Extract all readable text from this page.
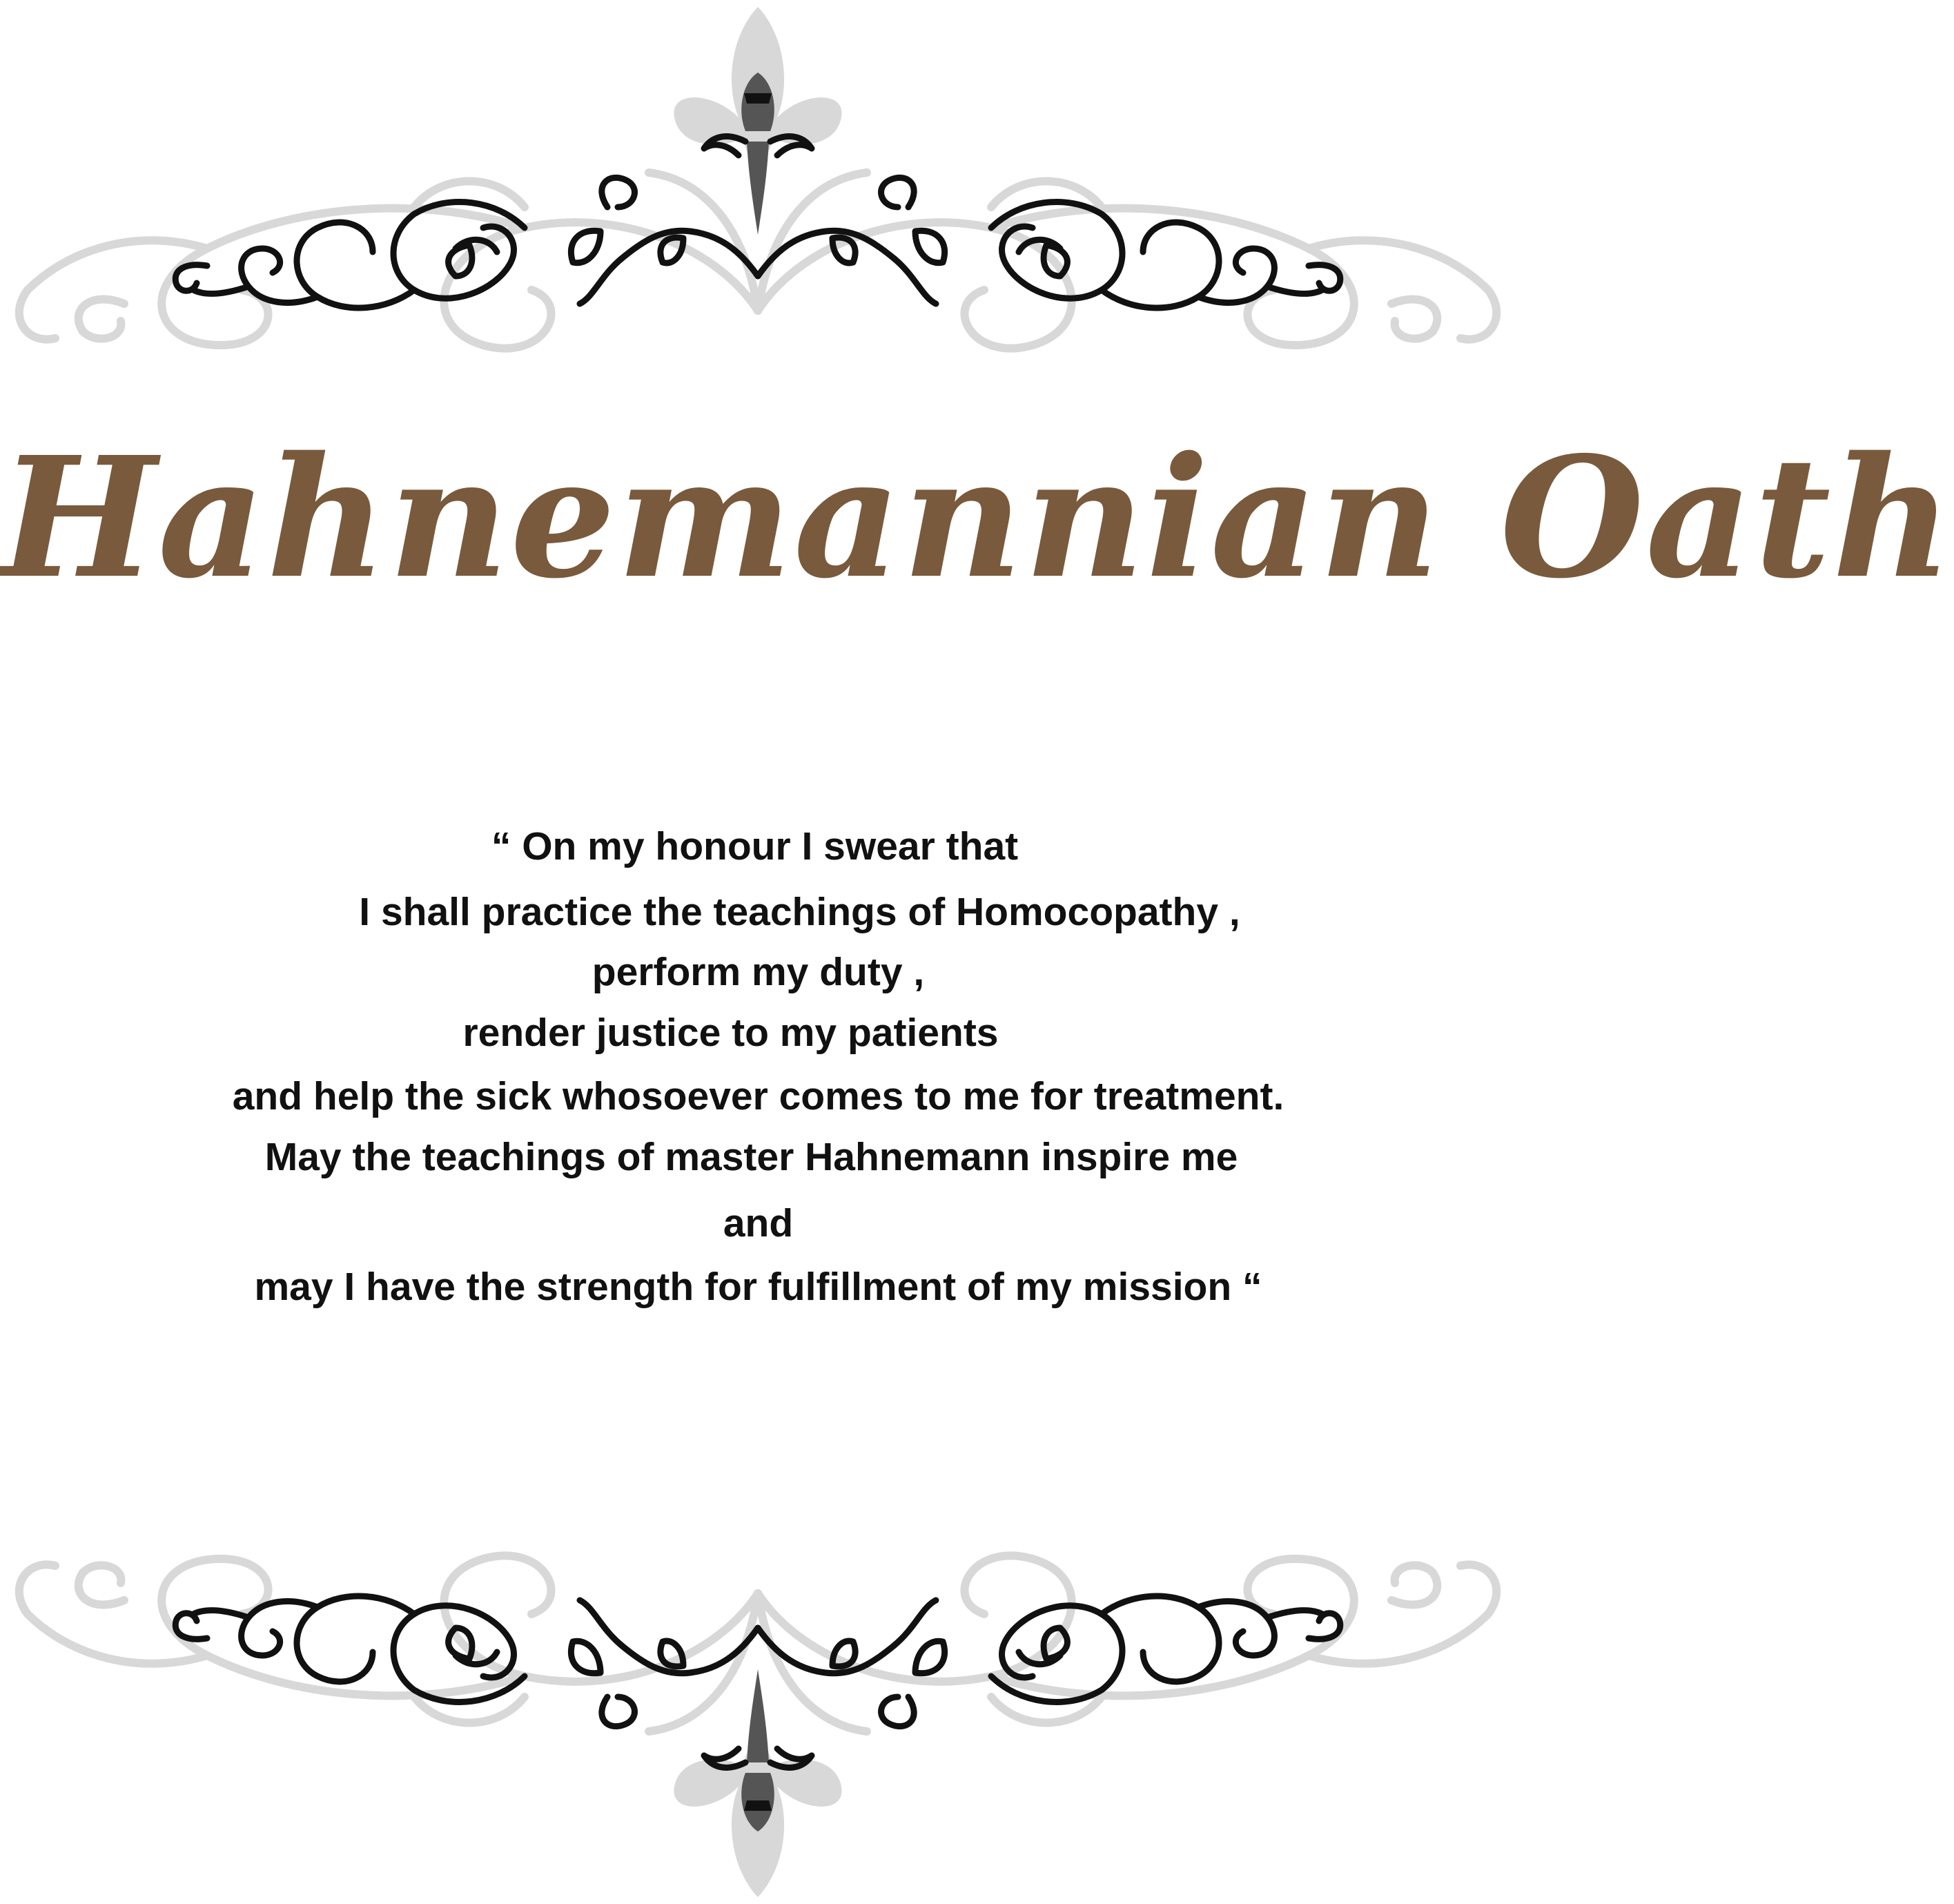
Hahnemannian Oath
“ On my honour I swear that
I shall practice the teachings of Homocopathy ,
perform my duty ,
render justice to my patients
and help the sick whosoever comes to me for treatment.
May the teachings of master Hahnemann inspire me
and
may I have the strength for fulfillment of my mission “
